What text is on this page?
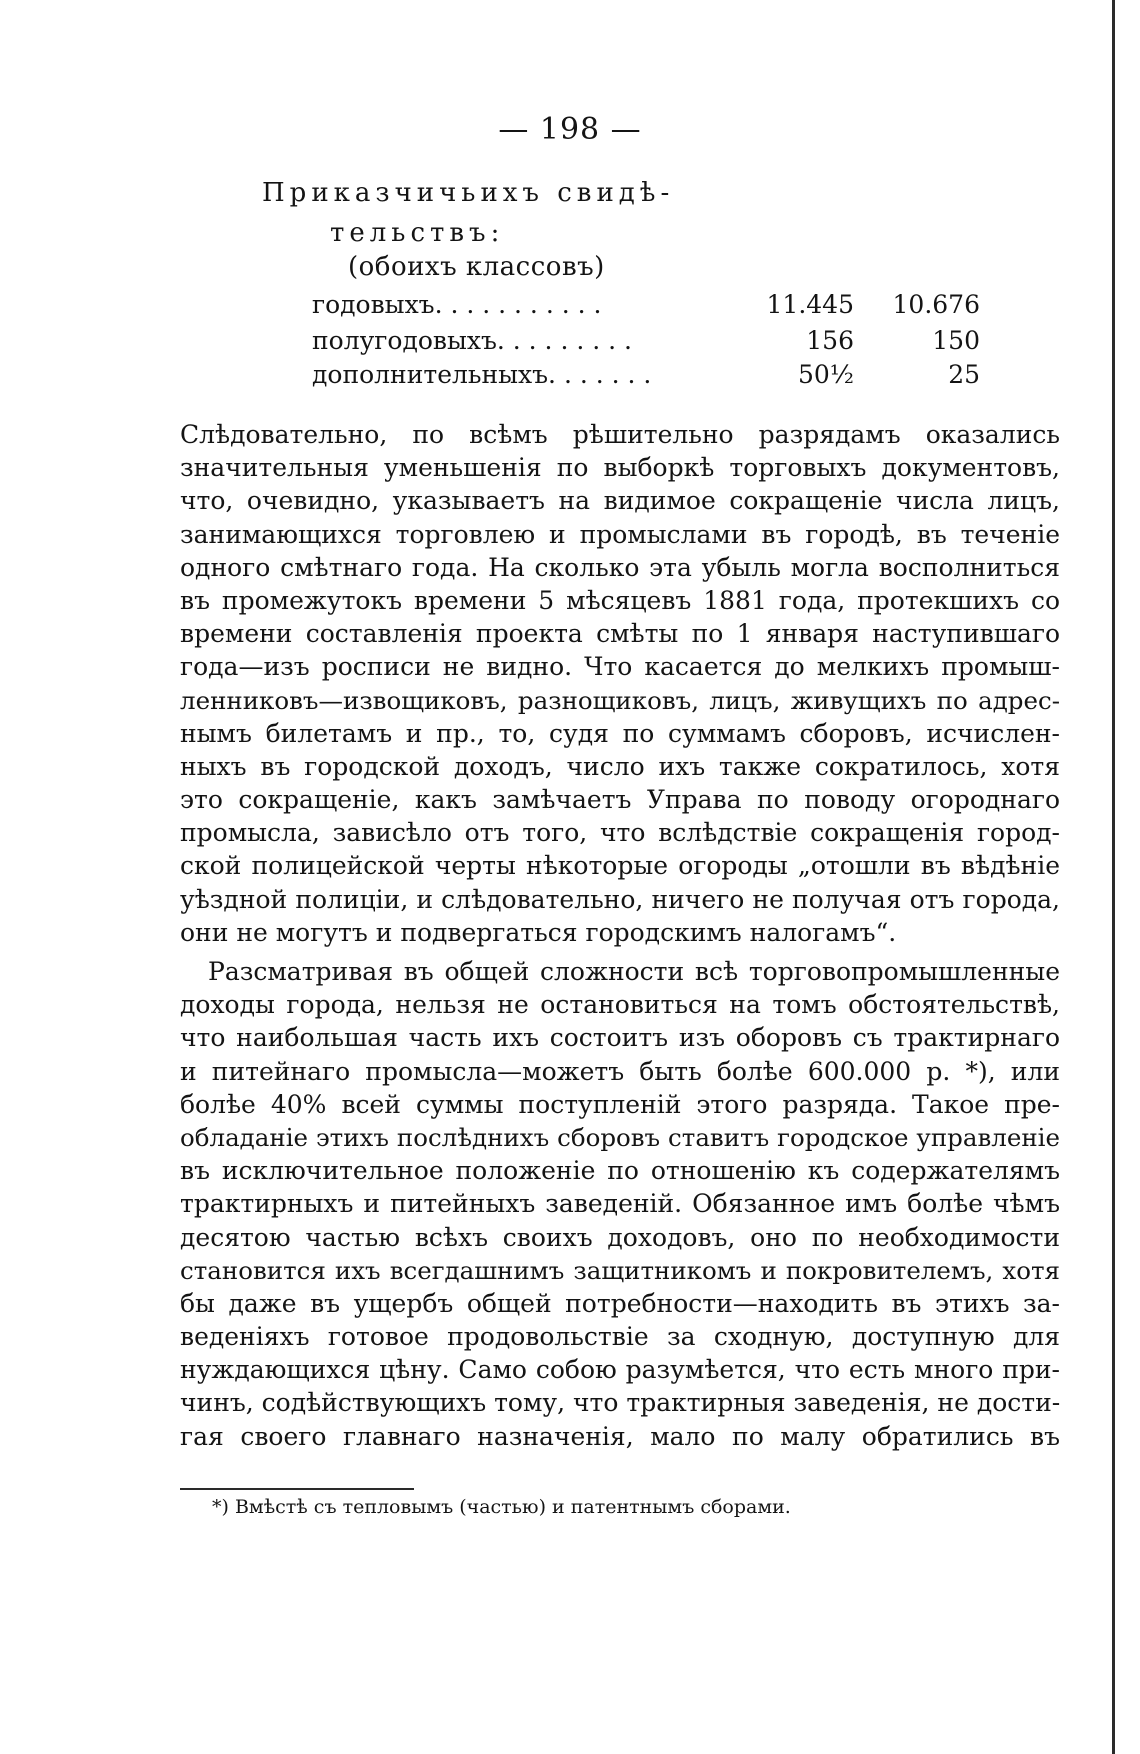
— 198 —
Приказчичьихъ свидѣ-
тельствъ:
(обоихъ классовъ)
годовыхъ. . . . . . . . . . .	11.445 10.676
полугодовыхъ. . . . . . . . .	156	150
дополнительныхъ. . . . . . .	50½	25
Слѣдовательно, по всѣмъ рѣшительно разрядамъ оказались
значительныя уменьшенія по выборкѣ торговыхъ документовъ,
что, очевидно, указываетъ на видимое сокращеніе числа лицъ,
занимающихся торговлею и промыслами въ городѣ, въ теченіе
одного смѣтнаго года. На сколько эта убыль могла восполниться
въ промежутокъ времени 5 мѣсяцевъ 1881 года, протекшихъ со
времени составленія проекта смѣты по 1 января наступившаго
года—изъ росписи не видно. Что касается до мелкихъ промыш-
ленниковъ—извощиковъ, разнощиковъ, лицъ, живущихъ по адрес-
нымъ билетамъ и пр., то, судя по суммамъ сборовъ, исчислен-
ныхъ въ городской доходъ, число ихъ также сократилось, хотя
это сокращеніе, какъ замѣчаетъ Управа по поводу огороднаго
промысла, зависѣло отъ того, что вслѣдствіе сокращенія город-
ской полицейской черты нѣкоторые огороды „отошли въ вѣдѣніе
уѣздной полиціи, и слѣдовательно, ничего не получая отъ города,
они не могутъ и подвергаться городскимъ налогамъ“.
Разсматривая въ общей сложности всѣ торговопромышленные
доходы города, нельзя не остановиться на томъ обстоятельствѣ,
что наибольшая часть ихъ состоитъ изъ оборовъ съ трактирнаго
и питейнаго промысла—можетъ быть болѣе 600.000 р. *), или
болѣе 40% всей суммы поступленій этого разряда. Такое пре-
обладаніе этихъ послѣднихъ сборовъ ставитъ городское управленіе
въ исключительное положеніе по отношенію къ содержателямъ
трактирныхъ и питейныхъ заведеній. Обязанное имъ болѣе чѣмъ
десятою частью всѣхъ своихъ доходовъ, оно по необходимости
становится ихъ всегдашнимъ защитникомъ и покровителемъ, хотя
бы даже въ ущербъ общей потребности—находить въ этихъ за-
веденіяхъ готовое продовольствіе за сходную, доступную для
нуждающихся цѣну. Само собою разумѣется, что есть много при-
чинъ, содѣйствующихъ тому, что трактирныя заведенія, не дости-
гая своего главнаго назначенія, мало по малу обратились въ
*) Вмѣстѣ съ тепловымъ (частью) и патентнымъ сборами.
